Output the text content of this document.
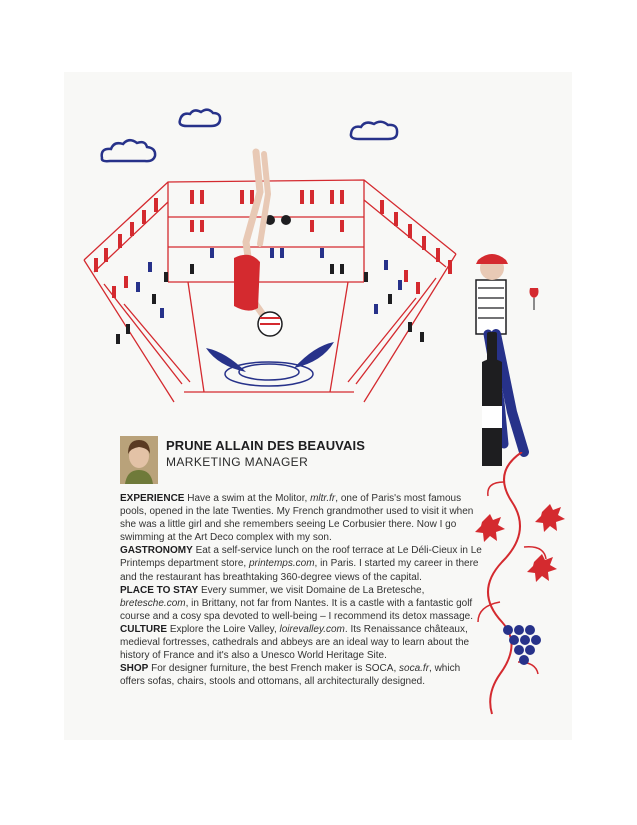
PRUNE ALLAIN DES BEAUVAIS
MARKETING MANAGER

EXPERIENCE Have a swim at the Molitor, mltr.fr, one of Paris's most famous pools, opened in the late Twenties. My French grandmother used to visit it when she was a little girl and she remembers seeing Le Corbusier there. Now I go swimming at the Art Deco complex with my son.

GASTRONOMY Eat a self-service lunch on the roof terrace at Le Déli-Cieux in Le Printemps department store, printemps.com, in Paris. I started my career in there and the restaurant has breathtaking 360-degree views of the capital.

PLACE TO STAY Every summer, we visit Domaine de La Bretesche, bretesche.com, in Brittany, not far from Nantes. It is a castle with a fantastic golf course and a cosy spa devoted to well-being – I recommend its detox massage.

CULTURE Explore the Loire Valley, loirevalley.com. Its Renaissance châteaux, medieval fortresses, cathedrals and abbeys are an ideal way to learn about the history of France and it's also a Unesco World Heritage Site.

SHOP For designer furniture, the best French maker is SOCA, soca.fr, which offers sofas, chairs, stools and ottomans, all architecturally designed.
